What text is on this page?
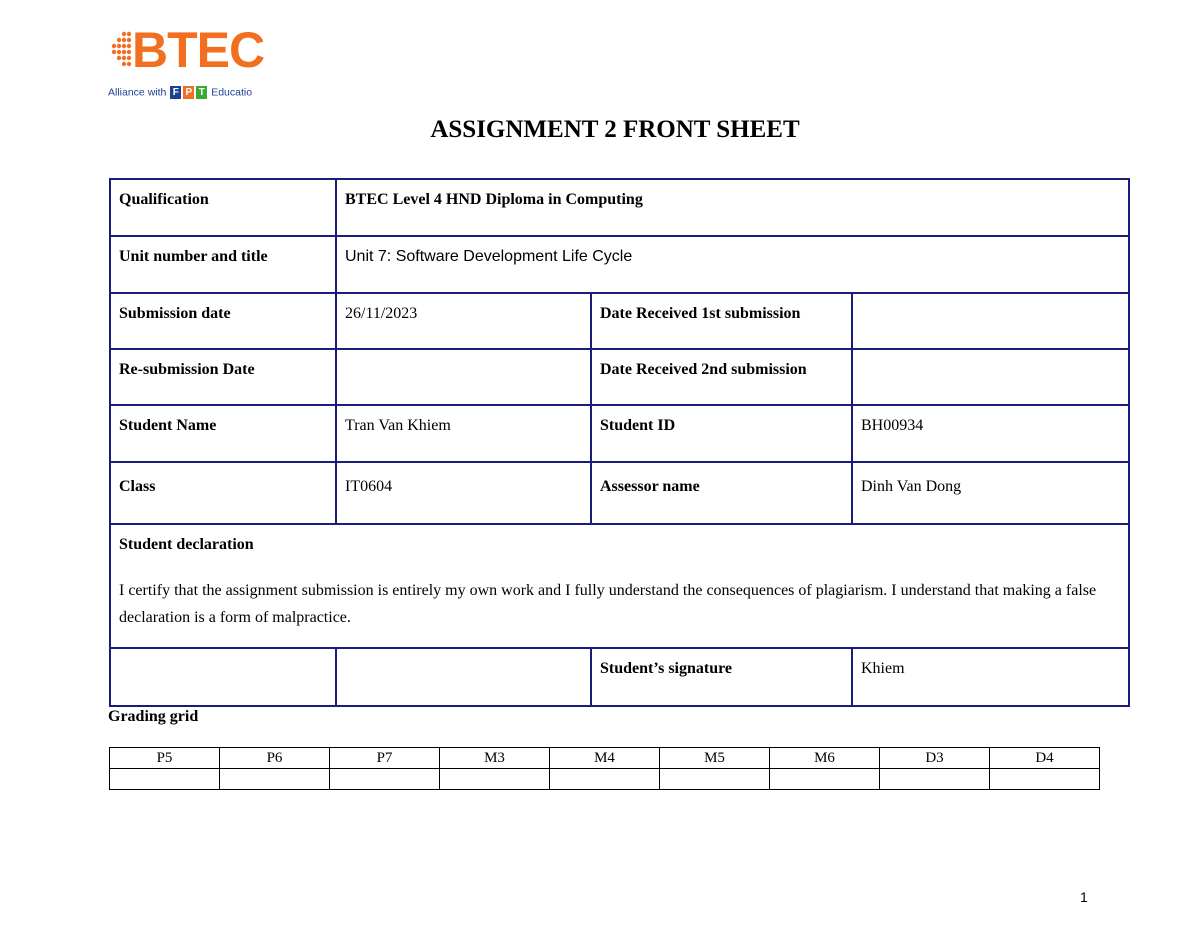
BTEC
Alliance with F P T Educatio
ASSIGNMENT 2 FRONT SHEET
Qualification	BTEC Level 4 HND Diploma in Computing		
Unit number and title	Unit 7: Software Development Life Cycle		
Submission date	26/11/2023	Date Received 1st submission	
Re-submission Date		Date Received 2nd submission	
Student Name	Tran Van Khiem	Student ID	BH00934
Class	IT0604	Assessor name	Dinh Van Dong

Student declaration
I certify that the assignment submission is entirely my own work and I fully understand the consequences of plagiarism. I understand that making a false declaration is a form of malpractice.			

		Student’s signature	Khiem
Grading grid
P5	P6	P7	M3	M4	M5	M6	D3	D4

1
